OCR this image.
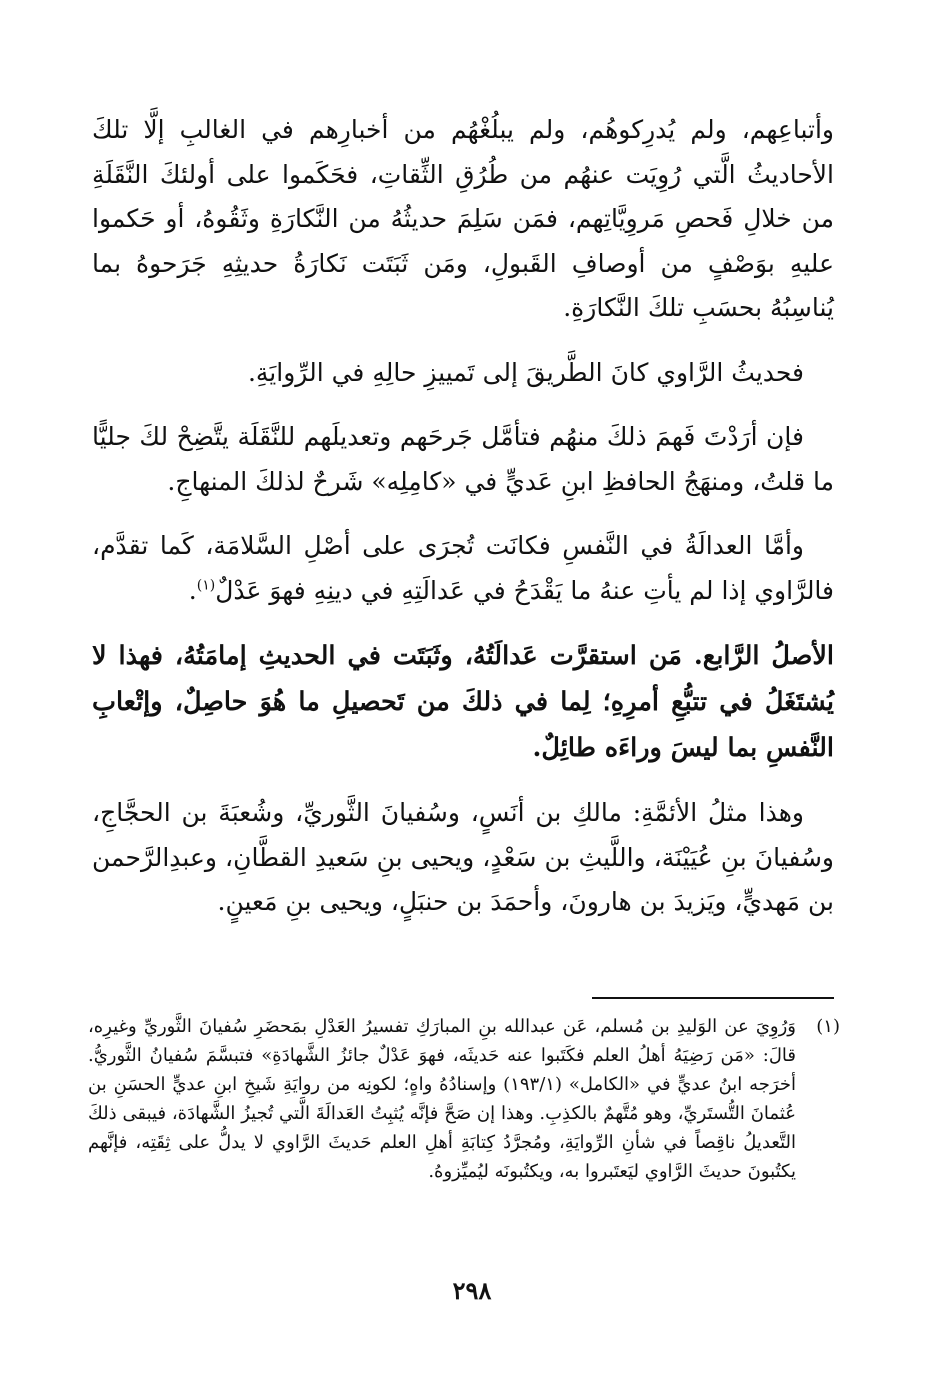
وأتباعِهم، ولم يُدرِكوهُم، ولم يبلُغْهُم من أخبارِهم في الغالبِ إلَّا تلكَ الأحاديثُ الَّتي رُوِيَت عنهُم من طُرُقِ الثِّقاتِ، فحَكَموا على أولئكَ النَّقَلَةِ من خلالِ فَحصِ مَروِيَّاتِهم، فمَن سَلِمَ حديثُهُ من النَّكارَةِ وثَقُوهُ، أو حَكموا عليهِ بوَصْفٍ من أوصافِ القَبولِ، ومَن ثَبَتَت نَكارَةُ حديثِهِ جَرَحوهُ بما يُناسِبُهُ بحسَبِ تلكَ النَّكارَةِ.

فحديثُ الرَّاوي كانَ الطَّريقَ إلى تَمييزِ حالِهِ في الرِّوايَةِ.

فإن أرَدْتَ فَهمَ ذلكَ منهُم فتأمَّل جَرحَهم وتعديلَهم للنَّقَلَة يتَّضِحْ لكَ جليًّا ما قلتُ، ومنهَجُ الحافظِ ابنِ عَديٍّ في «كامِلِه» شَرحٌ لذلكَ المنهاجِ.

وأمَّا العدالَةُ في النَّفسِ فكانَت تُجرَى على أصْلِ السَّلامَة، كَما تقدَّم، فالرَّاوي إذا لم يأتِ عنهُ ما يَقْدَحُ في عَدالَتِهِ في دينِهِ فهوَ عَدْلٌ$^{(١)}$.

الأصلُ الرَّابع. مَن استقرَّت عَدالَتُهُ، وثَبَتَت في الحديثِ إمامَتُهُ، فهذا لا يُشتَغَلُ في تتبُّعِ أمرِهِ؛ لِما في ذلكَ من تَحصيلِ ما هُوَ حاصِلٌ، وإتْعابِ النَّفسِ بما ليسَ وراءَه طائِلٌ.

وهذا مثلُ الأئمَّةِ: مالكِ بن أنَسٍ، وسُفيانَ الثَّوريِّ، وشُعبَةَ بن الحجَّاجِ، وسُفيانَ بنِ عُيَيْنَة، واللَّيثِ بن سَعْدٍ، ويحيى بنِ سَعيدِ القطَّانِ، وعبدِالرَّحمن بن مَهديٍّ، ويَزيدَ بن هارونَ، وأحمَدَ بن حنبَلٍ، ويحيى بنِ مَعينٍ.

(١)
وَرُوِيَ عن الوَليدِ بن مُسلم، عَن عبدالله بنِ المبارَكِ تفسيرُ العَدْلِ بمَحضَرِ سُفيانَ الثَّوريِّ وغيرِه، قالَ: «مَن رَضِيَهُ أهلُ العلم فكَتَبوا عنه حَديثَه، فهوَ عَدْلٌ جائزُ الشَّهادَةِ» فتبسَّمَ سُفيانُ الثَّوريُّ. أخرَجه ابنُ عديٍّ في «الكامل» (١٩٣/١) وإسنادُهُ واهٍ؛ لكونِه من روايَةِ شَيخِ ابنِ عديٍّ الحسَنِ بن عُثمانَ التُّستَريِّ، وهو مُتَّهمٌ بالكذِبِ. وهذا إن صَحَّ فإنَّه يُثبِتُ العَدالَةَ الَّتي تُجيزُ الشَّهادَة، فيبقى ذلكَ التَّعديلُ ناقِصاً في شأنِ الرِّوايَةِ، ومُجرَّدُ كِتابَةِ أهلِ العلم حَديثَ الرَّاوي لا يدلُّ على ثِقَتِه، فإنَّهم يكتُبونَ حديثَ الرَّاوي ليَعتَبروا به، ويكتُبونَه ليُميِّزوهُ.

٢٩٨
